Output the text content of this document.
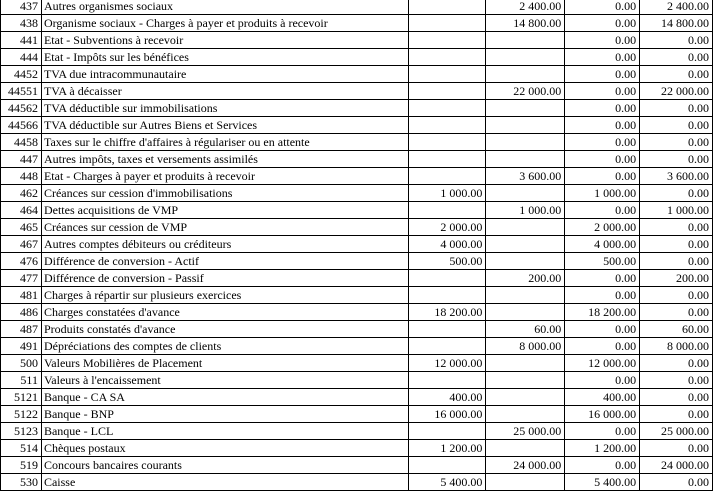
437	Autres organismes sociaux		2 400.00	0.00	2 400.00
438	Organisme sociaux - Charges à payer et produits à recevoir		14 800.00	0.00	14 800.00
441	Etat - Subventions à recevoir			0.00	0.00
444	Etat - Impôts sur les bénéfices			0.00	0.00
4452	TVA due intracommunautaire			0.00	0.00
44551	TVA à décaisser		22 000.00	0.00	22 000.00
44562	TVA déductible sur immobilisations			0.00	0.00
44566	TVA déductible sur Autres Biens et Services			0.00	0.00
4458	Taxes sur le chiffre d'affaires à régulariser ou en attente			0.00	0.00
447	Autres impôts, taxes et versements assimilés			0.00	0.00
448	Etat - Charges à payer et produits à recevoir		3 600.00	0.00	3 600.00
462	Créances sur cession d'immobilisations	1 000.00		1 000.00	0.00
464	Dettes acquisitions de VMP		1 000.00	0.00	1 000.00
465	Créances sur cession de VMP	2 000.00		2 000.00	0.00
467	Autres comptes débiteurs ou créditeurs	4 000.00		4 000.00	0.00
476	Différence de conversion - Actif	500.00		500.00	0.00
477	Différence de conversion - Passif		200.00	0.00	200.00
481	Charges à répartir sur plusieurs exercices			0.00	0.00
486	Charges constatées d'avance	18 200.00		18 200.00	0.00
487	Produits constatés d'avance		60.00	0.00	60.00
491	Dépréciations des comptes de clients		8 000.00	0.00	8 000.00
500	Valeurs Mobilières de Placement	12 000.00		12 000.00	0.00
511	Valeurs à l'encaissement			0.00	0.00
5121	Banque - CA SA	400.00		400.00	0.00
5122	Banque - BNP	16 000.00		16 000.00	0.00
5123	Banque - LCL		25 000.00	0.00	25 000.00
514	Chèques postaux	1 200.00		1 200.00	0.00
519	Concours bancaires courants		24 000.00	0.00	24 000.00
530	Caisse	5 400.00		5 400.00	0.00
